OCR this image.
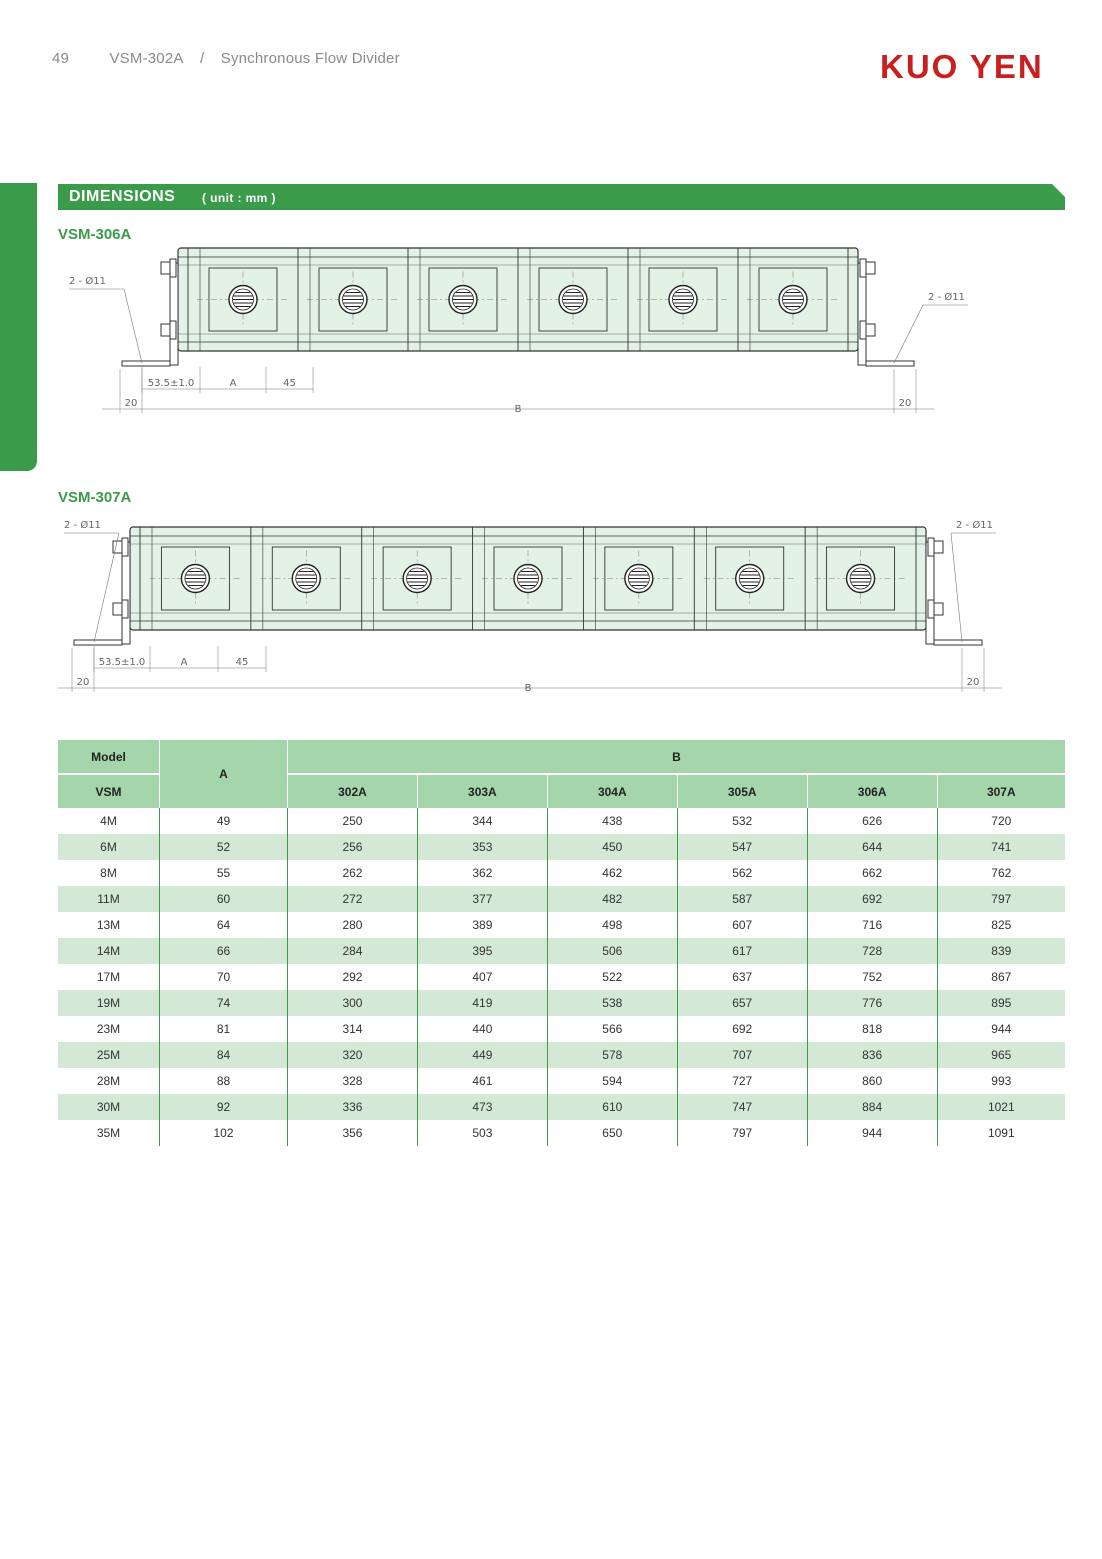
49	VSM-302A / Synchronous Flow Divider	KUO YEN
DIMENSIONS ( unit : mm )
VSM-306A
2 - Ø11
2 - Ø11
53.5±1.0	A	45
20
B
20
VSM-307A
2 - Ø11	2 - Ø11
53.5±1.0	A	45
20
B
20
Model	A	B					
VSM		302A	303A	304A	305A	306A	307A
4M	49	250	344	438	532	626	720
6M	52	256	353	450	547	644	741
8M	55	262	362	462	562	662	762
11M	60	272	377	482	587	692	797
13M	64	280	389	498	607	716	825
14M	66	284	395	506	617	728	839
17M	70	292	407	522	637	752	867
19M	74	300	419	538	657	776	895
23M	81	314	440	566	692	818	944
25M	84	320	449	578	707	836	965
28M	88	328	461	594	727	860	993
30M	92	336	473	610	747	884	1021
35M	102	356	503	650	797	944	1091
